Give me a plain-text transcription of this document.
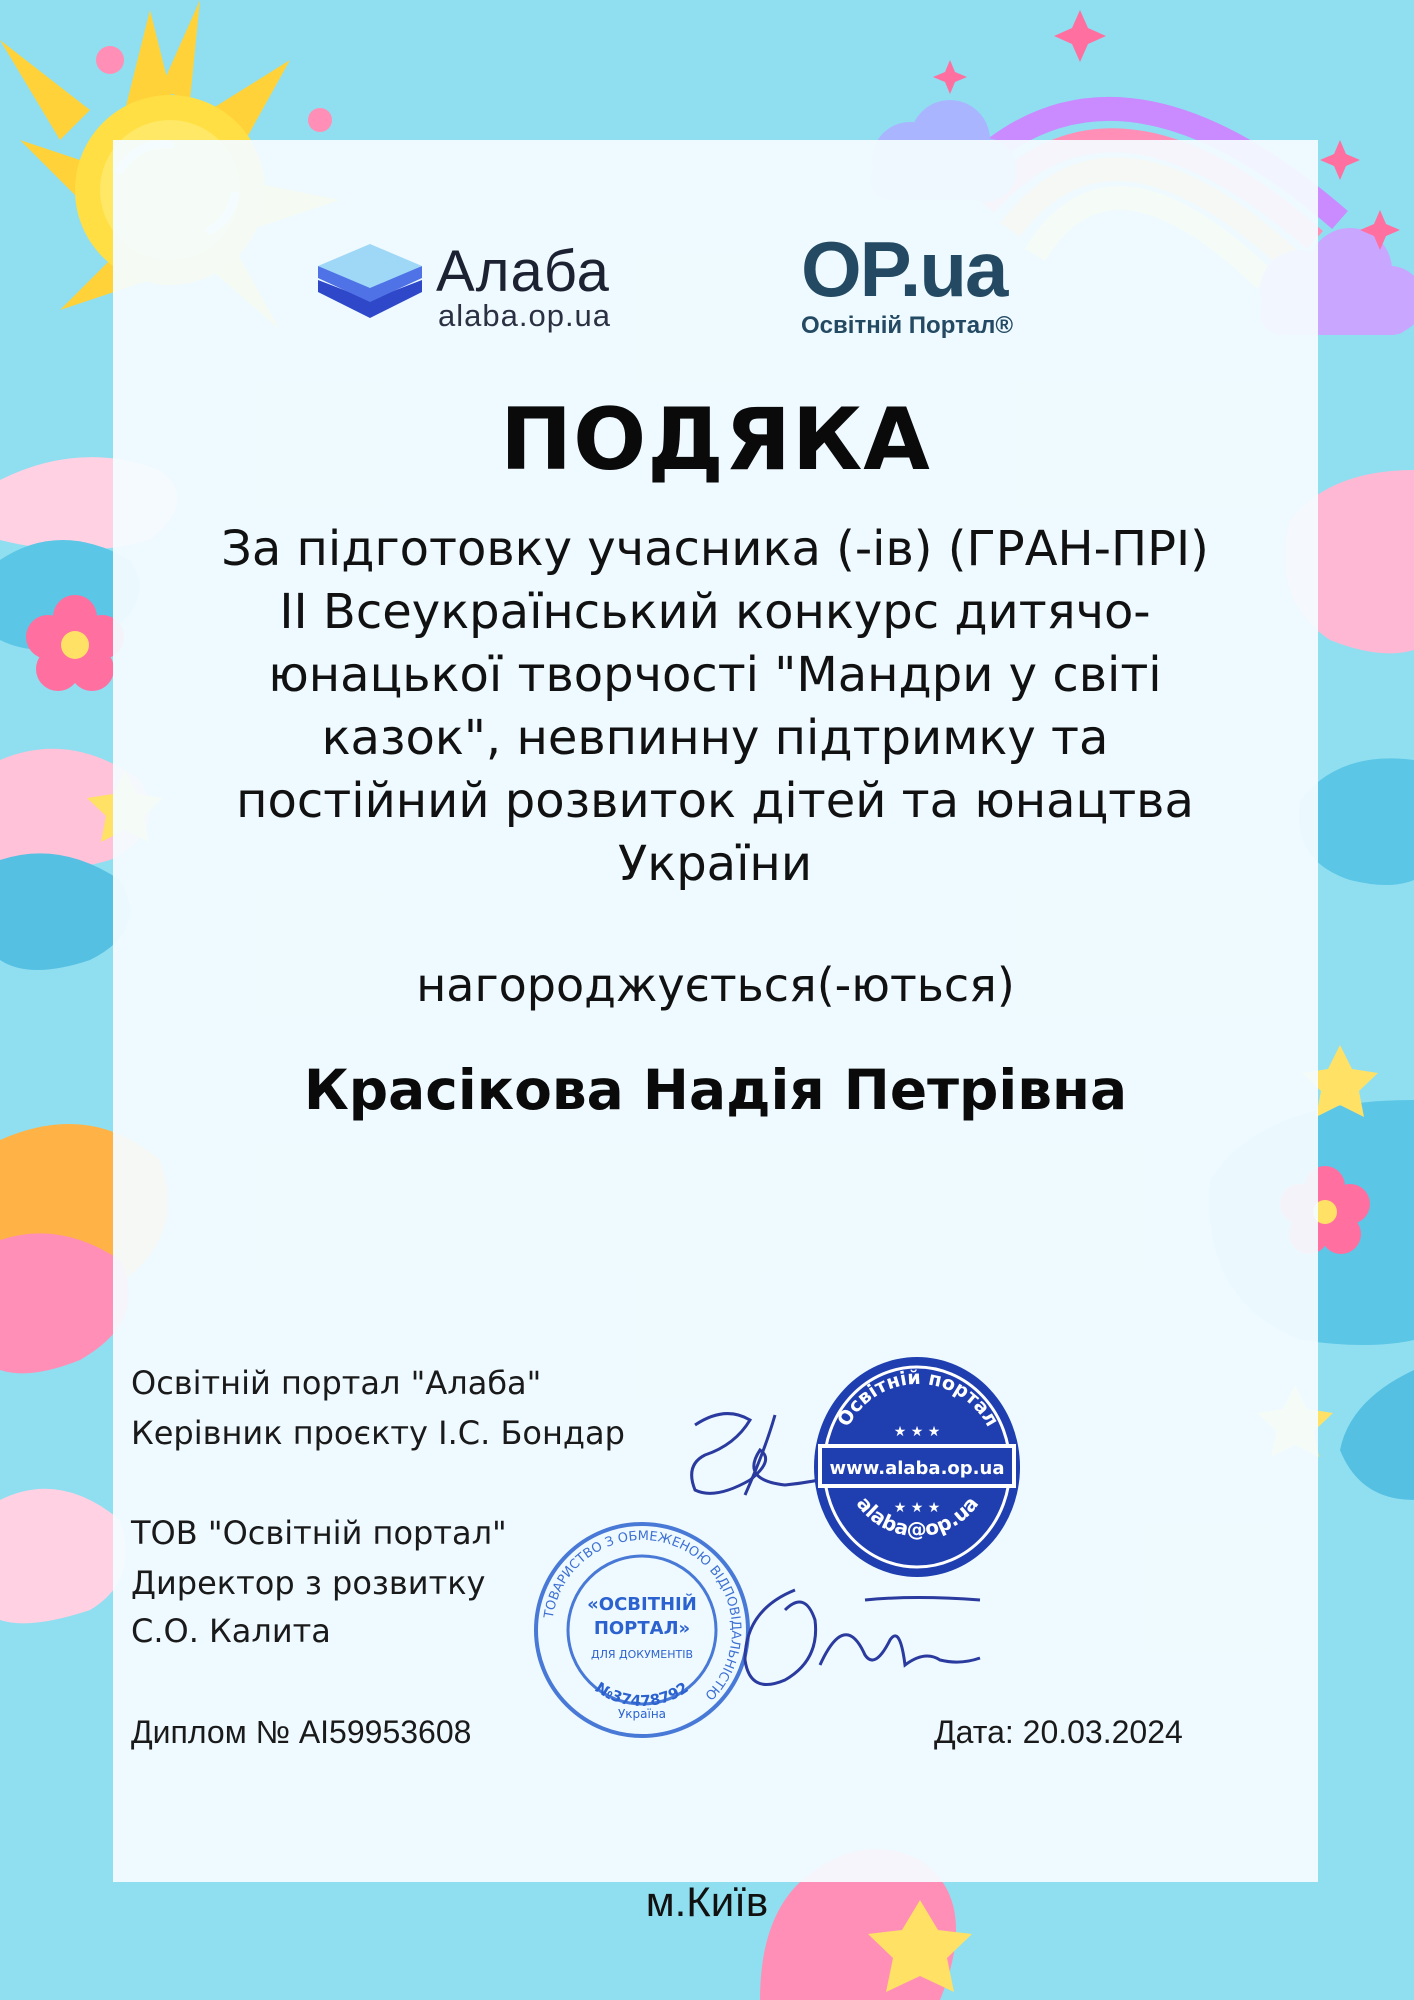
Алаба
alaba.op.ua
OP.ua
Освітній Портал®
ПОДЯКА
За підготовку учасника (-ів) (ГРАН-ПРІ)
II Всеукраїнський конкурс дитячо-
юнацької творчості "Мандри у світі
казок", невпинну підтримку та
постійний розвиток дітей та юнацтва
України
нагороджується(-ються)
Красікова Надія Петрівна
Освітній портал "Алаба"
Керівник проєкту І.С. Бондар
ТОВ "Освітній портал"
Директор з розвитку
С.О. Калита
Диплом № AI59953608	Дата: 20.03.2024
м.Київ
Освітній портал
www.alaba.op.ua
alaba@op.ua
★ ★ ★
★ ★ ★
ТОВАРИСТВО З ОБМЕЖЕНОЮ ВІДПОВІДАЛЬНІСТЮ
«ОСВІТНІЙ
ПОРТАЛ»
ДЛЯ ДОКУМЕНТІВ
№37478792
Україна
